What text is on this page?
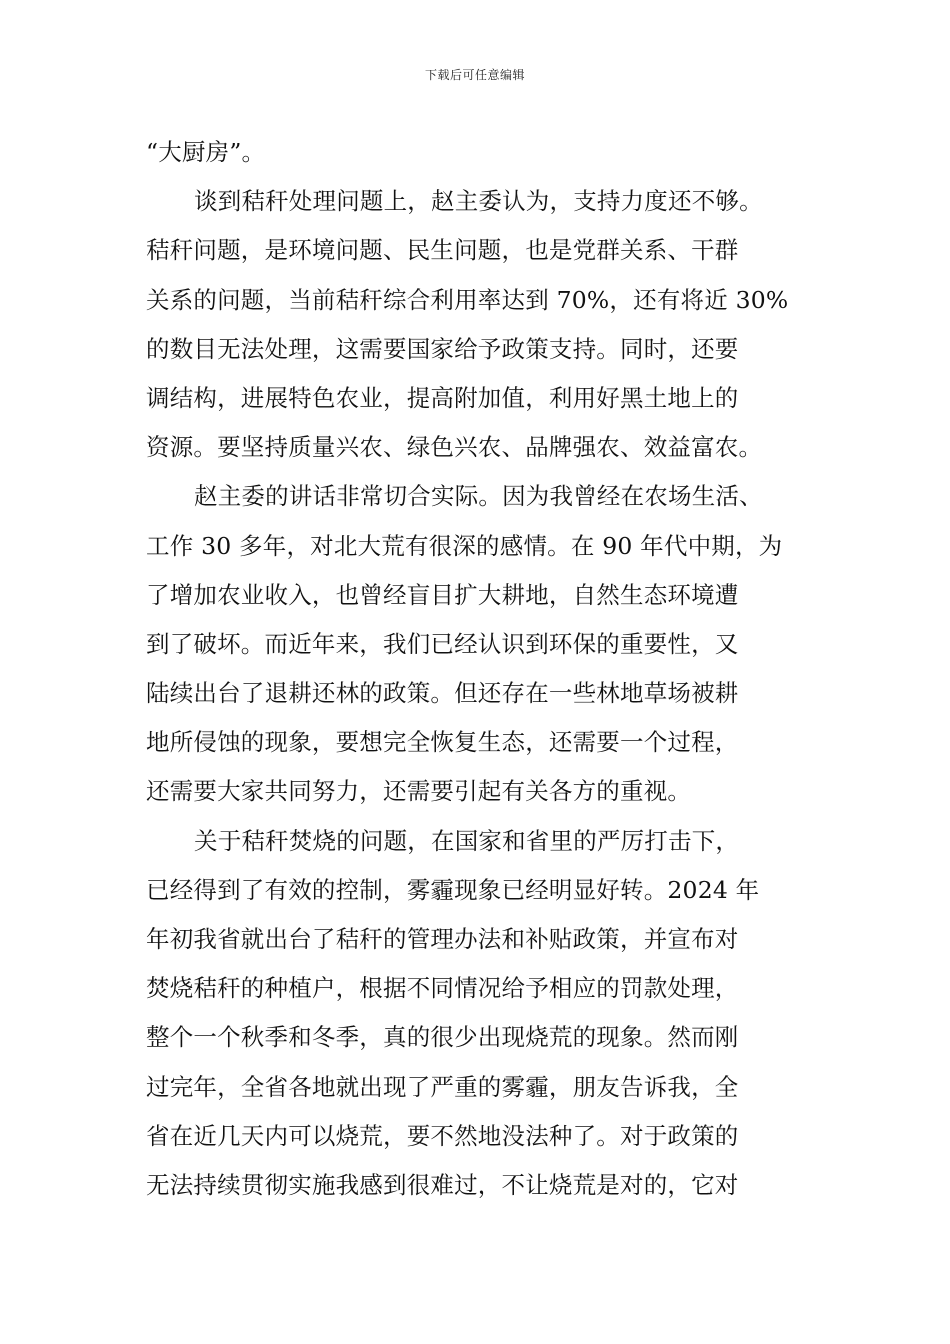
下载后可任意编辑
“大厨房”。
谈到秸秆处理问题上，赵主委认为，支持力度还不够。
秸秆问题，是环境问题、民生问题，也是党群关系、干群
关系的问题，当前秸秆综合利用率达到 70%，还有将近 30%
的数目无法处理，这需要国家给予政策支持。同时，还要
调结构，进展特色农业，提高附加值，利用好黑土地上的
资源。要坚持质量兴农、绿色兴农、品牌强农、效益富农。
赵主委的讲话非常切合实际。因为我曾经在农场生活、
工作 30 多年，对北大荒有很深的感情。在 90 年代中期，为
了增加农业收入，也曾经盲目扩大耕地，自然生态环境遭
到了破坏。而近年来，我们已经认识到环保的重要性，又
陆续出台了退耕还林的政策。但还存在一些林地草场被耕
地所侵蚀的现象，要想完全恢复生态，还需要一个过程，
还需要大家共同努力，还需要引起有关各方的重视。
关于秸秆焚烧的问题，在国家和省里的严厉打击下，
已经得到了有效的控制，雾霾现象已经明显好转。2024 年
年初我省就出台了秸秆的管理办法和补贴政策，并宣布对
焚烧秸秆的种植户，根据不同情况给予相应的罚款处理，
整个一个秋季和冬季，真的很少出现烧荒的现象。然而刚
过完年，全省各地就出现了严重的雾霾，朋友告诉我，全
省在近几天内可以烧荒，要不然地没法种了。对于政策的
无法持续贯彻实施我感到很难过，不让烧荒是对的，它对
